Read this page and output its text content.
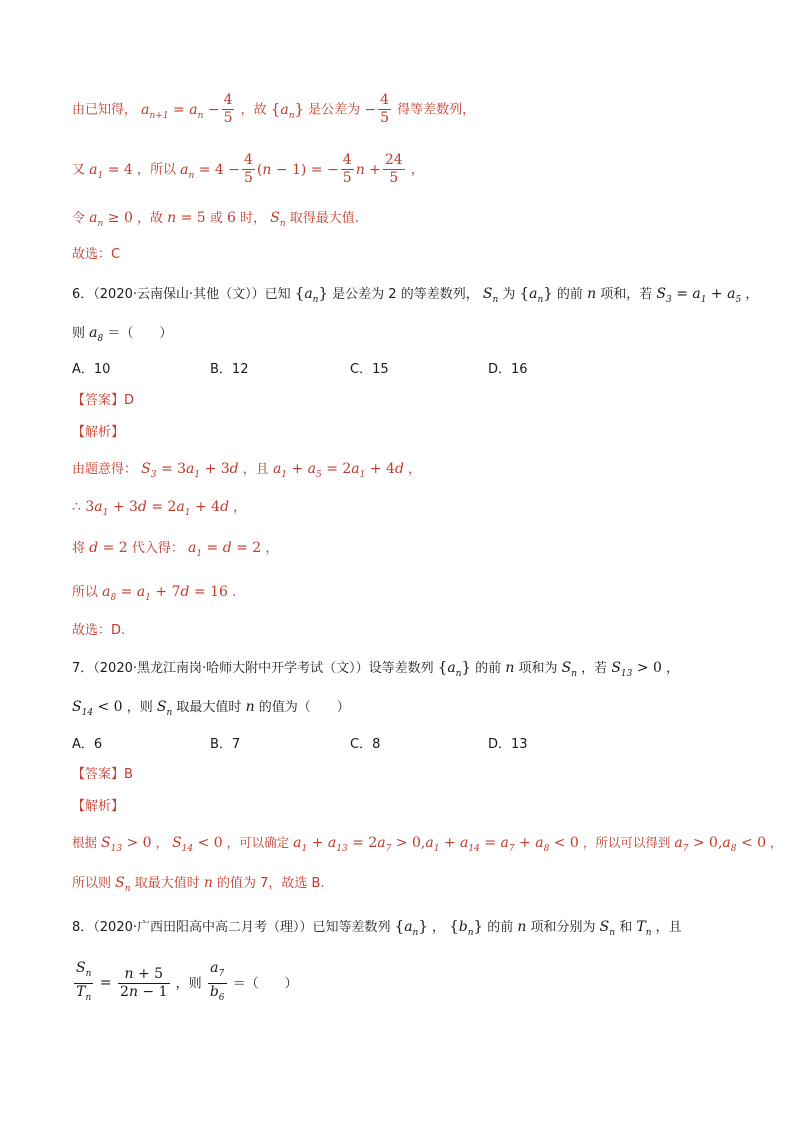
由已知得， $a_{n+1} = a_n - \frac{4}{5}$ ，故 $\{a_n\}$ 是公差为 − $\frac{4}{5}$ 得等差数列，
又 $a_1 = 4$ ，所以 $a_n = 4 - \frac{4}{5} (n - 1)$ = − $\frac{4}{5}$ $n + \frac{24}{5}$ ，
令 $a_n \ge 0$ ，故 n = 5 或 6 时， $S_n$ 取得最大值.
故选：C
6．（2020·云南保山·其他（文））已知 $\{a_n\}$ 是公差为 2 的等差数列， $S_n$ 为 $\{a_n\}$ 的前 n 项和，若 $S_3 = a_1 + a_5$ ，
则 $a_8$ ＝（　　）
A．10	B．12	C．15	D．16
【答案】D
【解析】
由题意得： $S_3 = 3a_1 + 3d$ ，且 $a_1 + a_5 = 2a_1 + 4d$ ，
∴ $3a_1 + 3d = 2a_1 + 4d$ ，
将 d = 2 代入得： $a_1 = d = 2$ ，
所以 $a_8 = a_1 + 7d = 16$ .
故选：D.
7．（2020·黑龙江南岗·哈师大附中开学考试（文））设等差数列 $\{a_n\}$ 的前 n 项和为 $S_n$ ，若 $S_{13} > 0$ ，
$S_{14} < 0$ ，则 $S_n$ 取最大值时 n 的值为（　　）
A．6	B．7	C．8	D．13
【答案】B
【解析】
根据 $S_{13} > 0$ ， $S_{14} < 0$ ，可以确定 $a_1 + a_{13} = 2a_7 > 0,a_1 + a_{14} = a_7 + a_8 < 0$ ，所以可以得到 $a_7 > 0,a_8 < 0$ ，
所以则 $S_n$ 取最大值时 n 的值为 7，故选 B.
8．（2020·广西田阳高中高二月考（理））已知等差数列 $\{a_n\}$ ， $\{b_n\}$ 的前 n 项和分别为 $S_n$ 和 $T_n$ ，且
$\frac{S_n}{T_n} = \frac{n + 5}{2n - 1}$ ，则 $\frac{a_7}{b_6}$ ＝（　　）
